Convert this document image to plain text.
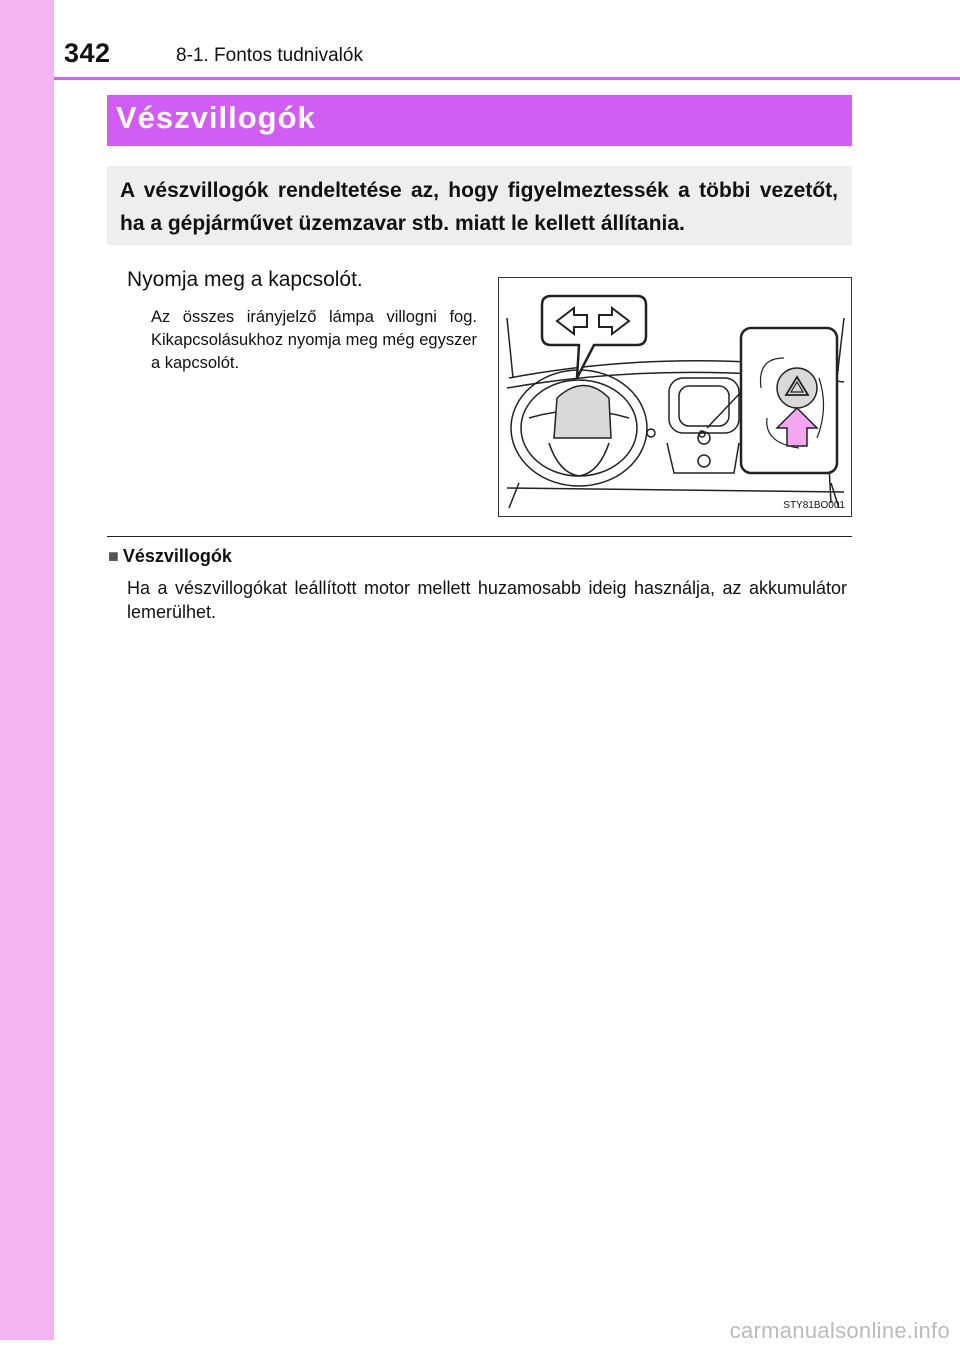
342	8-1. Fontos tudnivalók
Vészvillogók
A vészvillogók rendeltetése az, hogy figyelmeztessék a többi vezetőt, ha a gépjárművet üzemzavar stb. miatt le kellett állítania.
Nyomja meg a kapcsolót.
Az összes irányjelző lámpa villogni fog. Kikapcsolásukhoz nyomja meg még egyszer a kapcsolót.
STY81BO001
■ Vészvillogók
Ha a vészvillogókat leállított motor mellett huzamosabb ideig használja, az akkumulátor lemerülhet.
carmanualsonline.info
